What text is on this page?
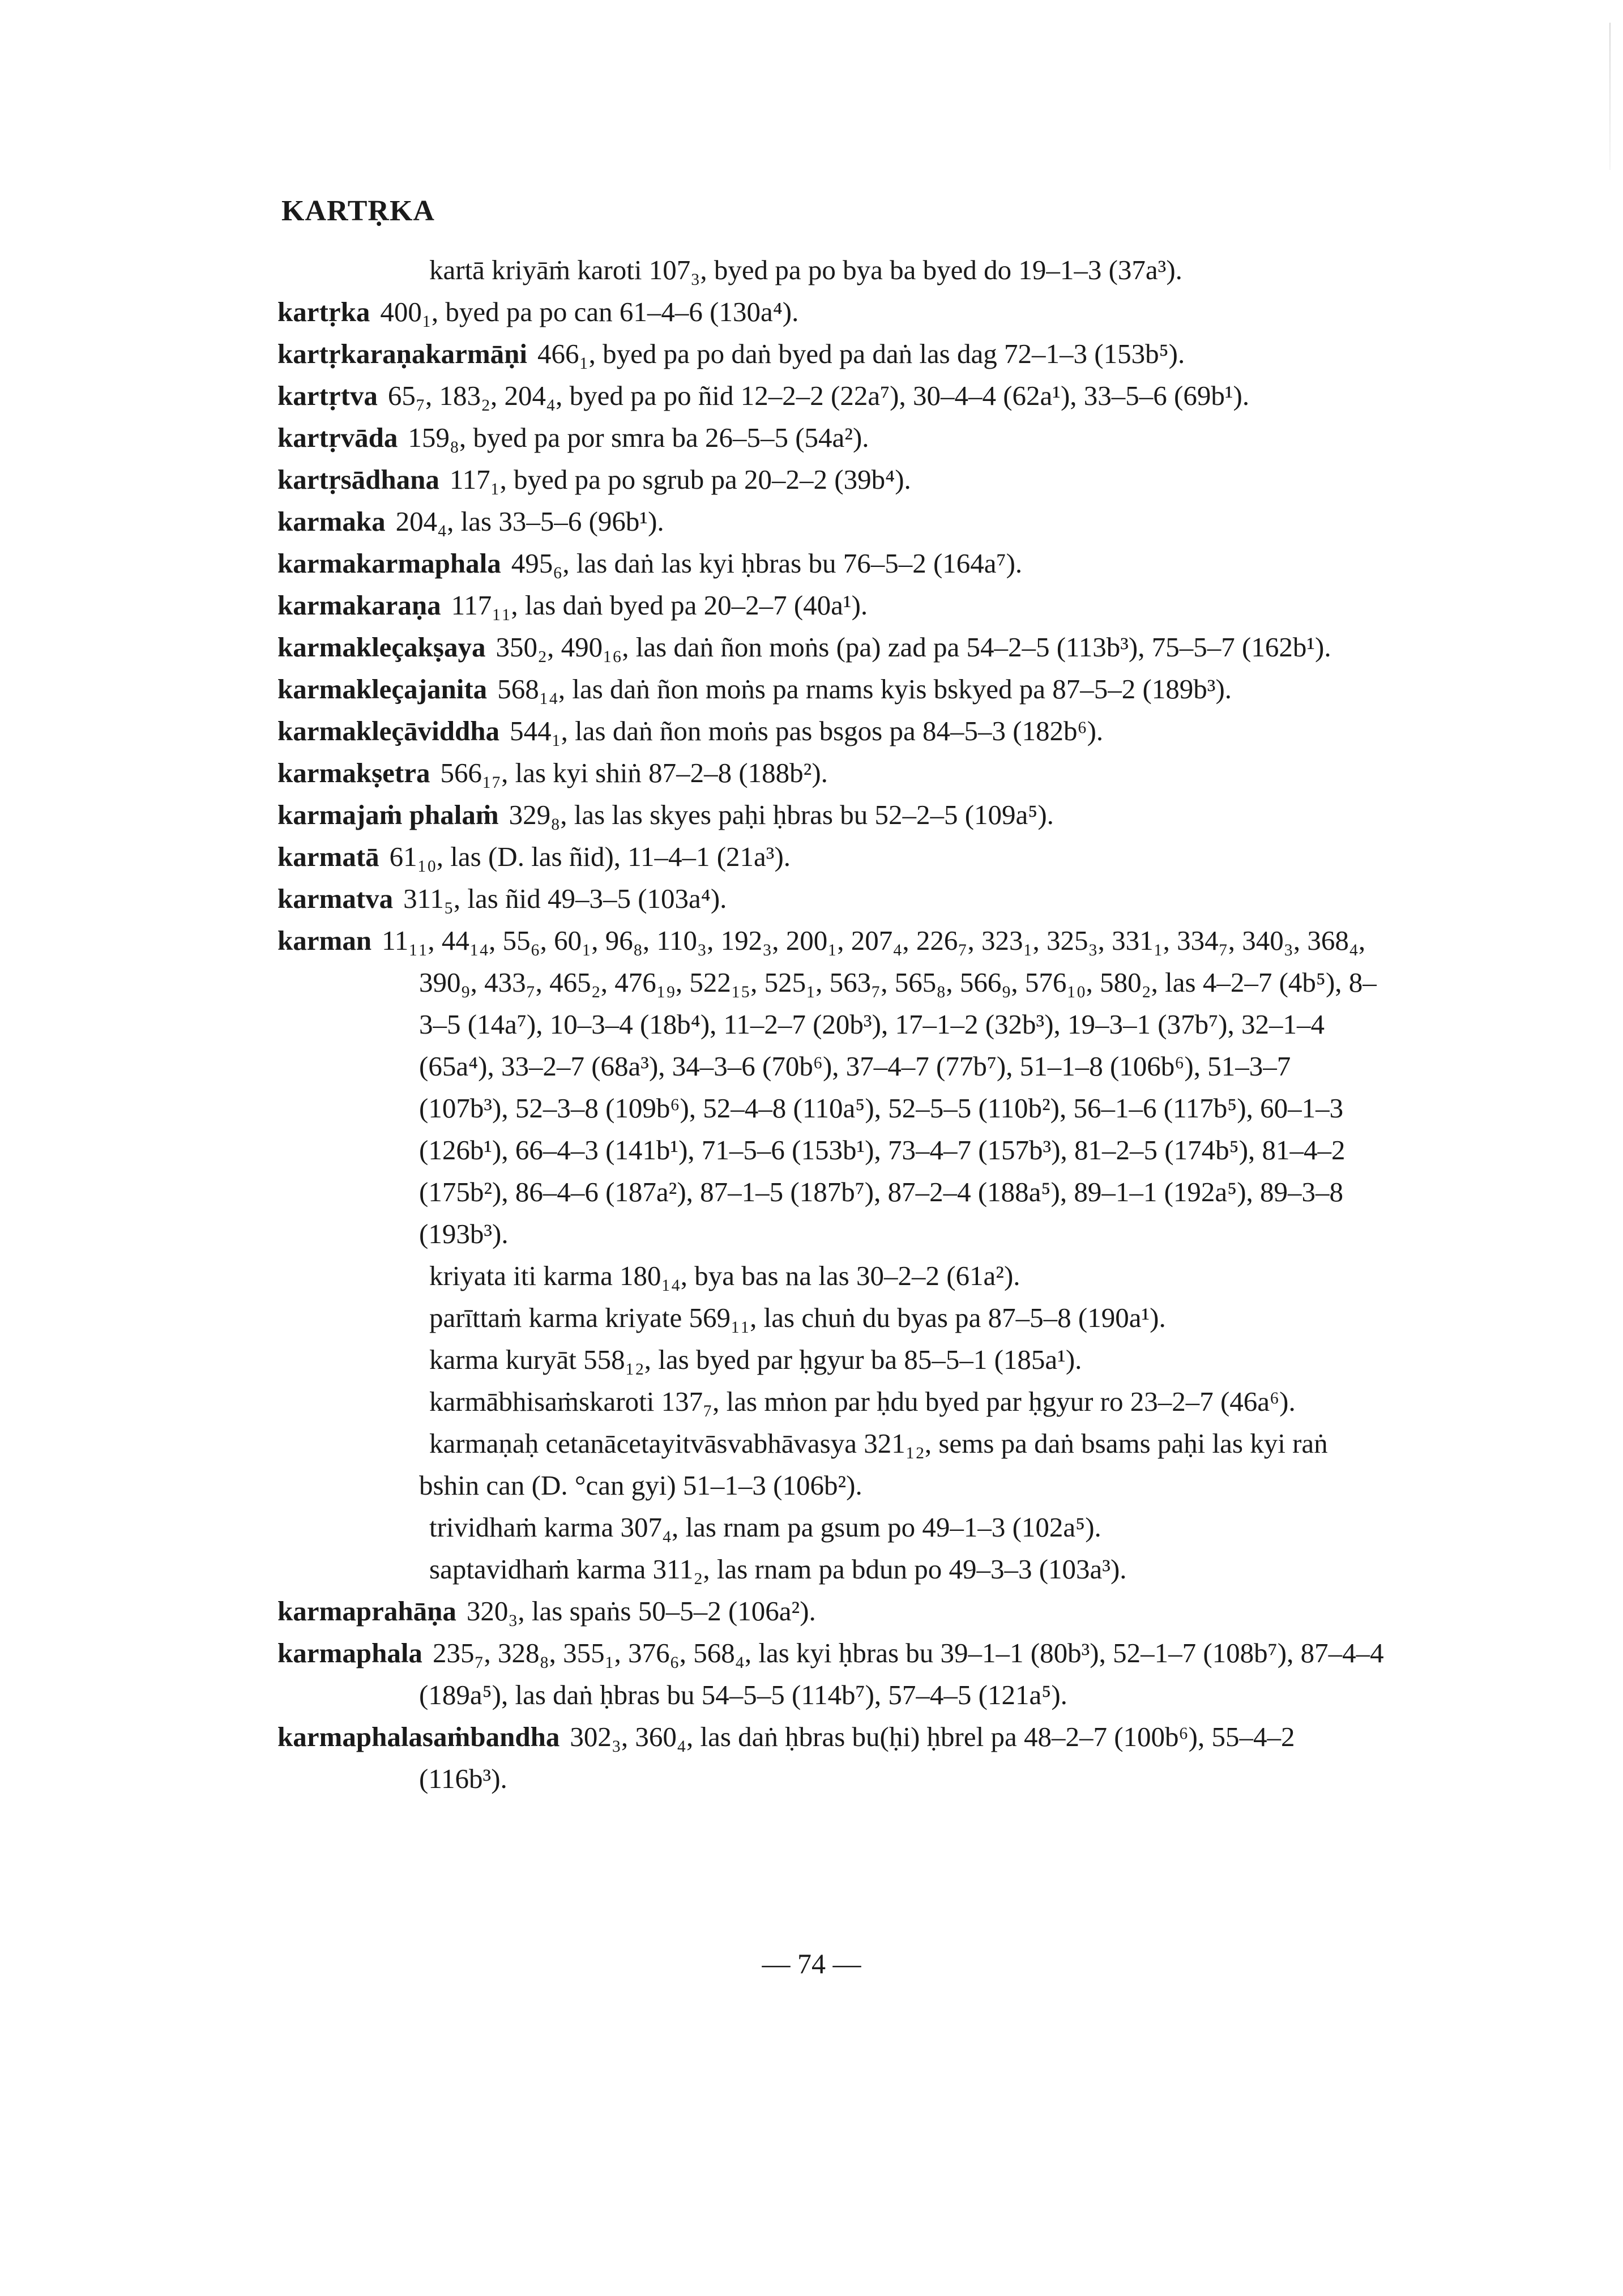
KARTṚKA

kartā kriyāṁ karoti 107₃, byed pa po bya ba byed do 19–1–3 (37a³).

kartṛka 400₁, byed pa po can 61–4–6 (130a⁴).

kartṛkaraṇakarmāṇi 466₁, byed pa po daṅ byed pa daṅ las dag 72–1–3 (153b⁵).

kartṛtva 65₇, 183₂, 204₄, byed pa po ñid 12–2–2 (22a⁷), 30–4–4 (62a¹), 33–5–6 (69b¹).

kartṛvāda 159₈, byed pa por smra ba 26–5–5 (54a²).

kartṛsādhana 117₁, byed pa po sgrub pa 20–2–2 (39b⁴).

karmaka 204₄, las 33–5–6 (96b¹).

karmakarmaphala 495₆, las daṅ las kyi ḥbras bu 76–5–2 (164a⁷).

karmakaraṇa 117₁₁, las daṅ byed pa 20–2–7 (40a¹).

karmakleçakṣaya 350₂, 490₁₆, las daṅ ñon moṅs (pa) zad pa 54–2–5 (113b³), 75–5–7 (162b¹).

karmakleçajanita 568₁₄, las daṅ ñon moṅs pa rnams kyis bskyed pa 87–5–2 (189b³).

karmakleçāviddha 544₁, las daṅ ñon moṅs pas bsgos pa 84–5–3 (182b⁶).

karmakṣetra 566₁₇, las kyi shiṅ 87–2–8 (188b²).

karmajaṁ phalaṁ 329₈, las las skyes paḥi ḥbras bu 52–2–5 (109a⁵).

karmatā 61₁₀, las (D. las ñid), 11–4–1 (21a³).

karmatva 311₅, las ñid 49–3–5 (103a⁴).

karman 11₁₁, 44₁₄, 55₆, 60₁, 96₈, 110₃, 192₃, 200₁, 207₄, 226₇, 323₁, 325₃, 331₁, 334₇, 340₃, 368₄, 390₉, 433₇, 465₂, 476₁₉, 522₁₅, 525₁, 563₇, 565₈, 566₉, 576₁₀, 580₂, las 4–2–7 (4b⁵), 8–3–5 (14a⁷), 10–3–4 (18b⁴), 11–2–7 (20b³), 17–1–2 (32b³), 19–3–1 (37b⁷), 32–1–4 (65a⁴), 33–2–7 (68a³), 34–3–6 (70b⁶), 37–4–7 (77b⁷), 51–1–8 (106b⁶), 51–3–7 (107b³), 52–3–8 (109b⁶), 52–4–8 (110a⁵), 52–5–5 (110b²), 56–1–6 (117b⁵), 60–1–3 (126b¹), 66–4–3 (141b¹), 71–5–6 (153b¹), 73–4–7 (157b³), 81–2–5 (174b⁵), 81–4–2 (175b²), 86–4–6 (187a²), 87–1–5 (187b⁷), 87–2–4 (188a⁵), 89–1–1 (192a⁵), 89–3–8 (193b³).

kriyata iti karma 180₁₄, bya bas na las 30–2–2 (61a²).

parīttaṁ karma kriyate 569₁₁, las chuṅ du byas pa 87–5–8 (190a¹).

karma kuryāt 558₁₂, las byed par ḥgyur ba 85–5–1 (185a¹).

karmābhisaṁskaroti 137₇, las mṅon par ḥdu byed par ḥgyur ro 23–2–7 (46a⁶).

karmaṇaḥ cetanācetayitvāsvabhāvasya 321₁₂, sems pa daṅ bsams paḥi las kyi raṅ bshin can (D. °can gyi) 51–1–3 (106b²).

trividhaṁ karma 307₄, las rnam pa gsum po 49–1–3 (102a⁵).

saptavidhaṁ karma 311₂, las rnam pa bdun po 49–3–3 (103a³).

karmaprahāṇa 320₃, las spaṅs 50–5–2 (106a²).

karmaphala 235₇, 328₈, 355₁, 376₆, 568₄, las kyi ḥbras bu 39–1–1 (80b³), 52–1–7 (108b⁷), 87–4–4 (189a⁵), las daṅ ḥbras bu 54–5–5 (114b⁷), 57–4–5 (121a⁵).

karmaphalasaṁbandha 302₃, 360₄, las daṅ ḥbras bu(ḥi) ḥbrel pa 48–2–7 (100b⁶), 55–4–2 (116b³).

— 74 —
